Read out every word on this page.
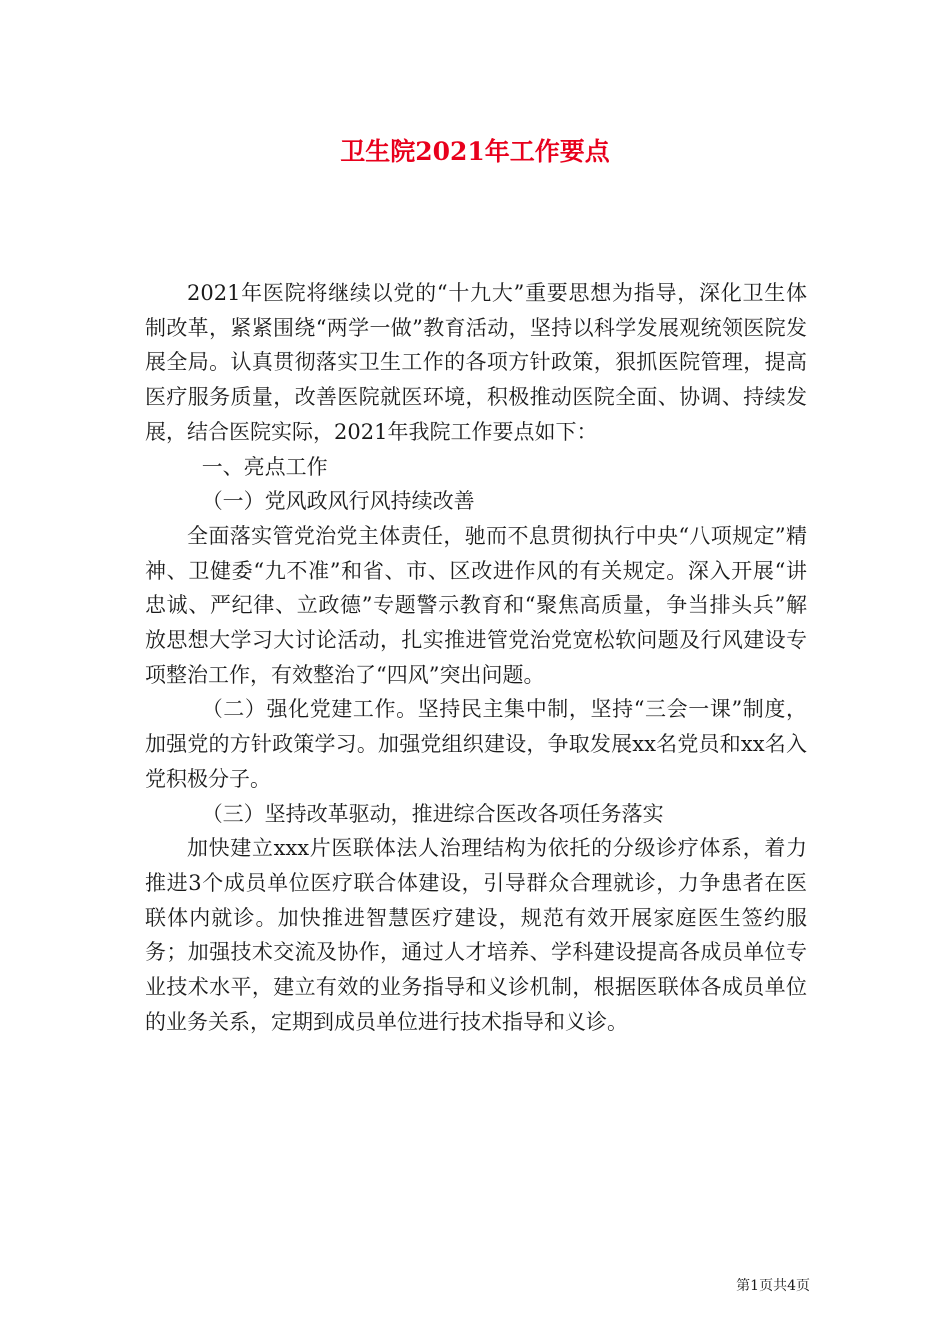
卫生院2021年工作要点

2021年医院将继续以党的“十九大”重要思想为指导，深化卫生体制改革，紧紧围绕“两学一做”教育活动，坚持以科学发展观统领医院发展全局。认真贯彻落实卫生工作的各项方针政策，狠抓医院管理，提高医疗服务质量，改善医院就医环境，积极推动医院全面、协调、持续发展，结合医院实际，2021年我院工作要点如下：

一、亮点工作

（一）党风政风行风持续改善

全面落实管党治党主体责任，驰而不息贯彻执行中央“八项规定”精神、卫健委“九不准”和省、市、区改进作风的有关规定。深入开展“讲忠诚、严纪律、立政德”专题警示教育和“聚焦高质量，争当排头兵”解放思想大学习大讨论活动，扎实推进管党治党宽松软问题及行风建设专项整治工作，有效整治了“四风”突出问题。

（二）强化党建工作。坚持民主集中制，坚持“三会一课”制度，加强党的方针政策学习。加强党组织建设，争取发展xx名党员和xx名入党积极分子。

（三）坚持改革驱动，推进综合医改各项任务落实

加快建立xxx片医联体法人治理结构为依托的分级诊疗体系，着力推进3个成员单位医疗联合体建设，引导群众合理就诊，力争患者在医联体内就诊。加快推进智慧医疗建设，规范有效开展家庭医生签约服务；加强技术交流及协作，通过人才培养、学科建设提高各成员单位专业技术水平，建立有效的业务指导和义诊机制，根据医联体各成员单位的业务关系，定期到成员单位进行技术指导和义诊。

第1页共4页
